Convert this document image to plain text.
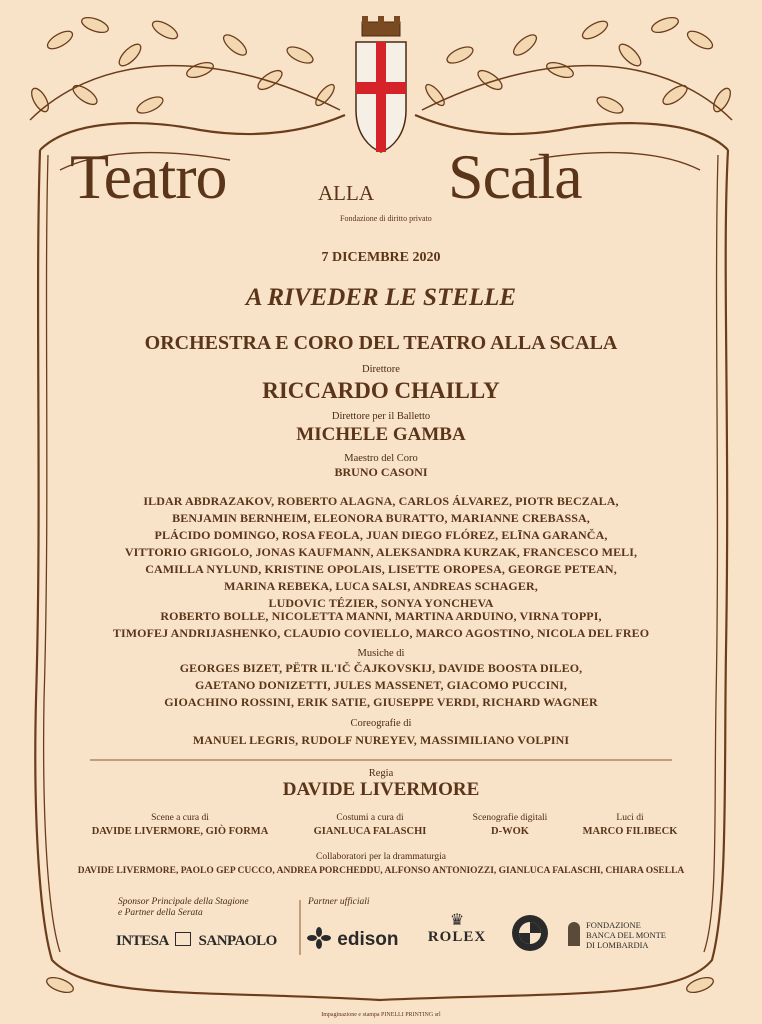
Teatro	alla Scala
Fondazione di diritto privato
7 DICEMBRE 2020
A RIVEDER LE STELLE
ORCHESTRA E CORO DEL TEATRO ALLA SCALA
Direttore
RICCARDO CHAILLY
Direttore per il Balletto
MICHELE GAMBA
Maestro del Coro
BRUNO CASONI
ILDAR ABDRAZAKOV, ROBERTO ALAGNA, CARLOS ÁLVAREZ, PIOTR BECZALA,
BENJAMIN BERNHEIM, ELEONORA BURATTO, MARIANNE CREBASSA,
PLÁCIDO DOMINGO, ROSA FEOLA, JUAN DIEGO FLÓREZ, ELĪNA GARANČA,
VITTORIO GRIGOLO, JONAS KAUFMANN, ALEKSANDRA KURZAK, FRANCESCO MELI,
CAMILLA NYLUND, KRISTINE OPOLAIS, LISETTE OROPESA, GEORGE PETEAN,
MARINA REBEKA, LUCA SALSI, ANDREAS SCHAGER,
LUDOVIC TÉZIER, SONYA YONCHEVA
ROBERTO BOLLE, NICOLETTA MANNI, MARTINA ARDUINO, VIRNA TOPPI,
TIMOFEJ ANDRIJASHENKO, CLAUDIO COVIELLO, MARCO AGOSTINO, NICOLA DEL FREO
Musiche di
GEORGES BIZET, PËTR IL'IČ ČAJKOVSKIJ, DAVIDE BOOSTA DILEO,
GAETANO DONIZETTI, JULES MASSENET, GIACOMO PUCCINI,
GIOACHINO ROSSINI, ERIK SATIE, GIUSEPPE VERDI, RICHARD WAGNER
Coreografie di
MANUEL LEGRIS, RUDOLF NUREYEV, MASSIMILIANO VOLPINI
Regia
DAVIDE LIVERMORE
Scene a cura di
DAVIDE LIVERMORE, GIÒ FORMA
Costumi a cura di
GIANLUCA FALASCHI
Scenografie digitali
D-WOK
Luci di
MARCO FILIBECK
Collaboratori per la drammaturgia
DAVIDE LIVERMORE, PAOLO GEP CUCCO, ANDREA PORCHEDDU, ALFONSO ANTONIOZZI, GIANLUCA FALASCHI, CHIARA OSELLA
Sponsor Principale della Stagione
e Partner della Serata
Partner ufficiali
INTESA SANPAOLO	edison
♛
ROLEX
FONDAZIONE
BANCA DEL MONTE
DI LOMBARDIA
Impaginazione e stampa PINELLI PRINTING srl
